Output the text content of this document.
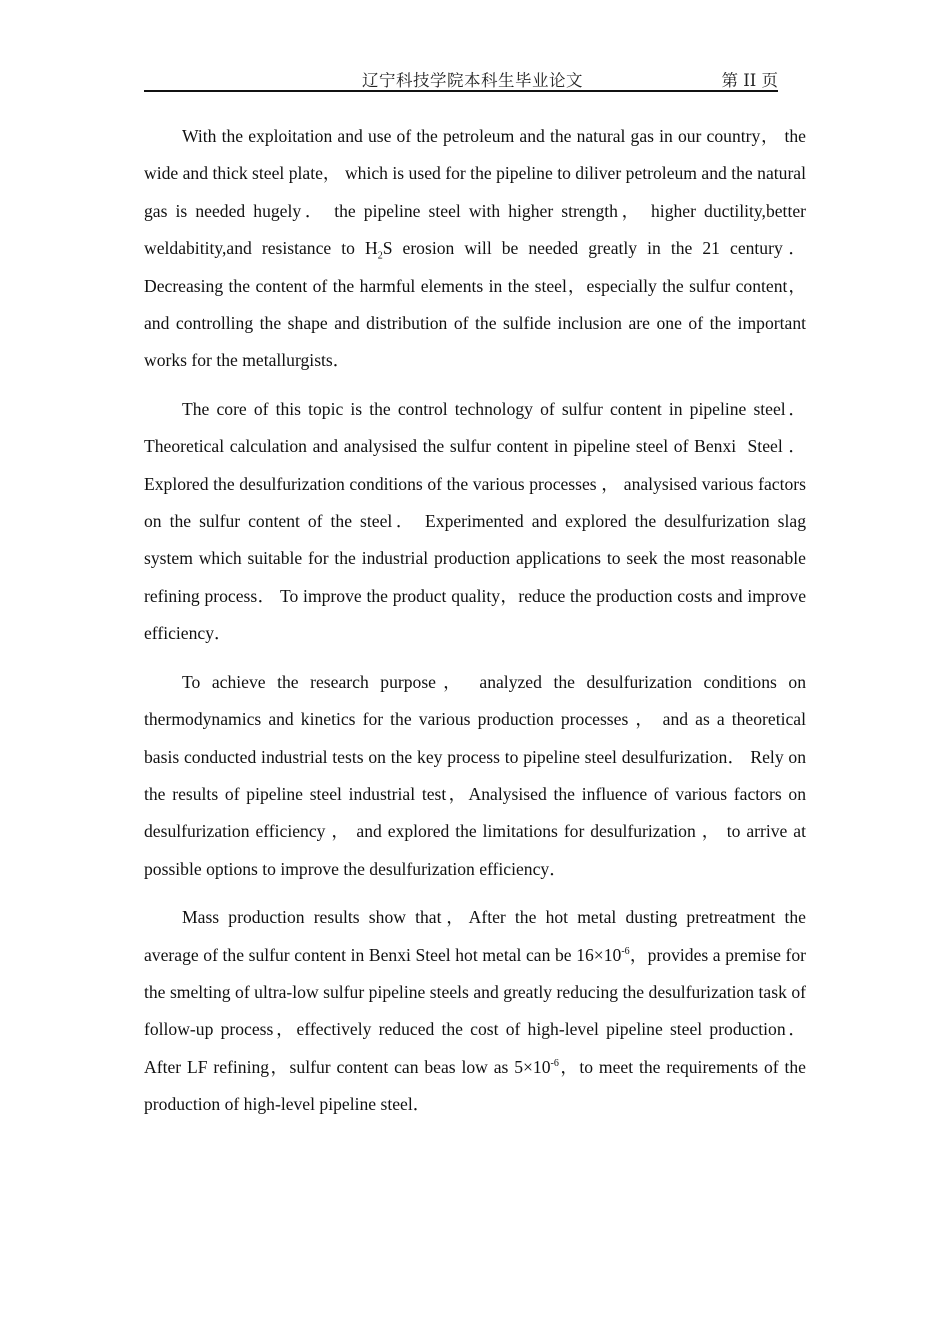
辽宁科技学院本科生毕业论文	第 II 页

With the exploitation and use of the petroleum and the natural gas in our country， the wide and thick steel plate， which is used for the pipeline to diliver petroleum and the natural gas is needed hugely． the pipeline steel with higher strength， higher ductility,better weldabitity,and resistance to $H_2S$ erosion will be needed greatly in the 21 century． Decreasing the content of the harmful elements in the steel，especially the sulfur content，and controlling the shape and distribution of the sulfide inclusion are one of the important works for the metallurgists．

The core of this topic is the control technology of sulfur content in pipeline steel． Theoretical calculation and analysised the sulfur content in pipeline steel of Benxi  Steel ． Explored the desulfurization conditions of the various processes ， analysised various factors on the sulfur content of the steel． Experimented and explored the desulfurization slag system which suitable for the industrial production applications to seek the most reasonable refining process． To improve the product quality，reduce the production costs and improve efficiency．

To achieve the research purpose， analyzed the desulfurization conditions on thermodynamics and kinetics for the various production processes ， and as a theoretical basis conducted industrial tests on the key process to pipeline steel desulfurization． Rely on the results of pipeline steel industrial test，Analysised the influence of various factors on desulfurization efficiency ， and explored the limitations for desulfurization ， to arrive at possible options to improve the desulfurization efficiency．

Mass production results show that，After the hot metal dusting pretreatment the average of the sulfur content in Benxi Steel hot metal can be $16\times 10^{-6}$，provides a premise for the smelting of ultra-low sulfur pipeline steels and greatly reducing the desulfurization task of follow-up process，effectively reduced the cost of high-level pipeline steel production． After LF refining，sulfur content can beas low as $5\times 10^{-6}$，to meet the requirements of the production of high-level pipeline steel．
